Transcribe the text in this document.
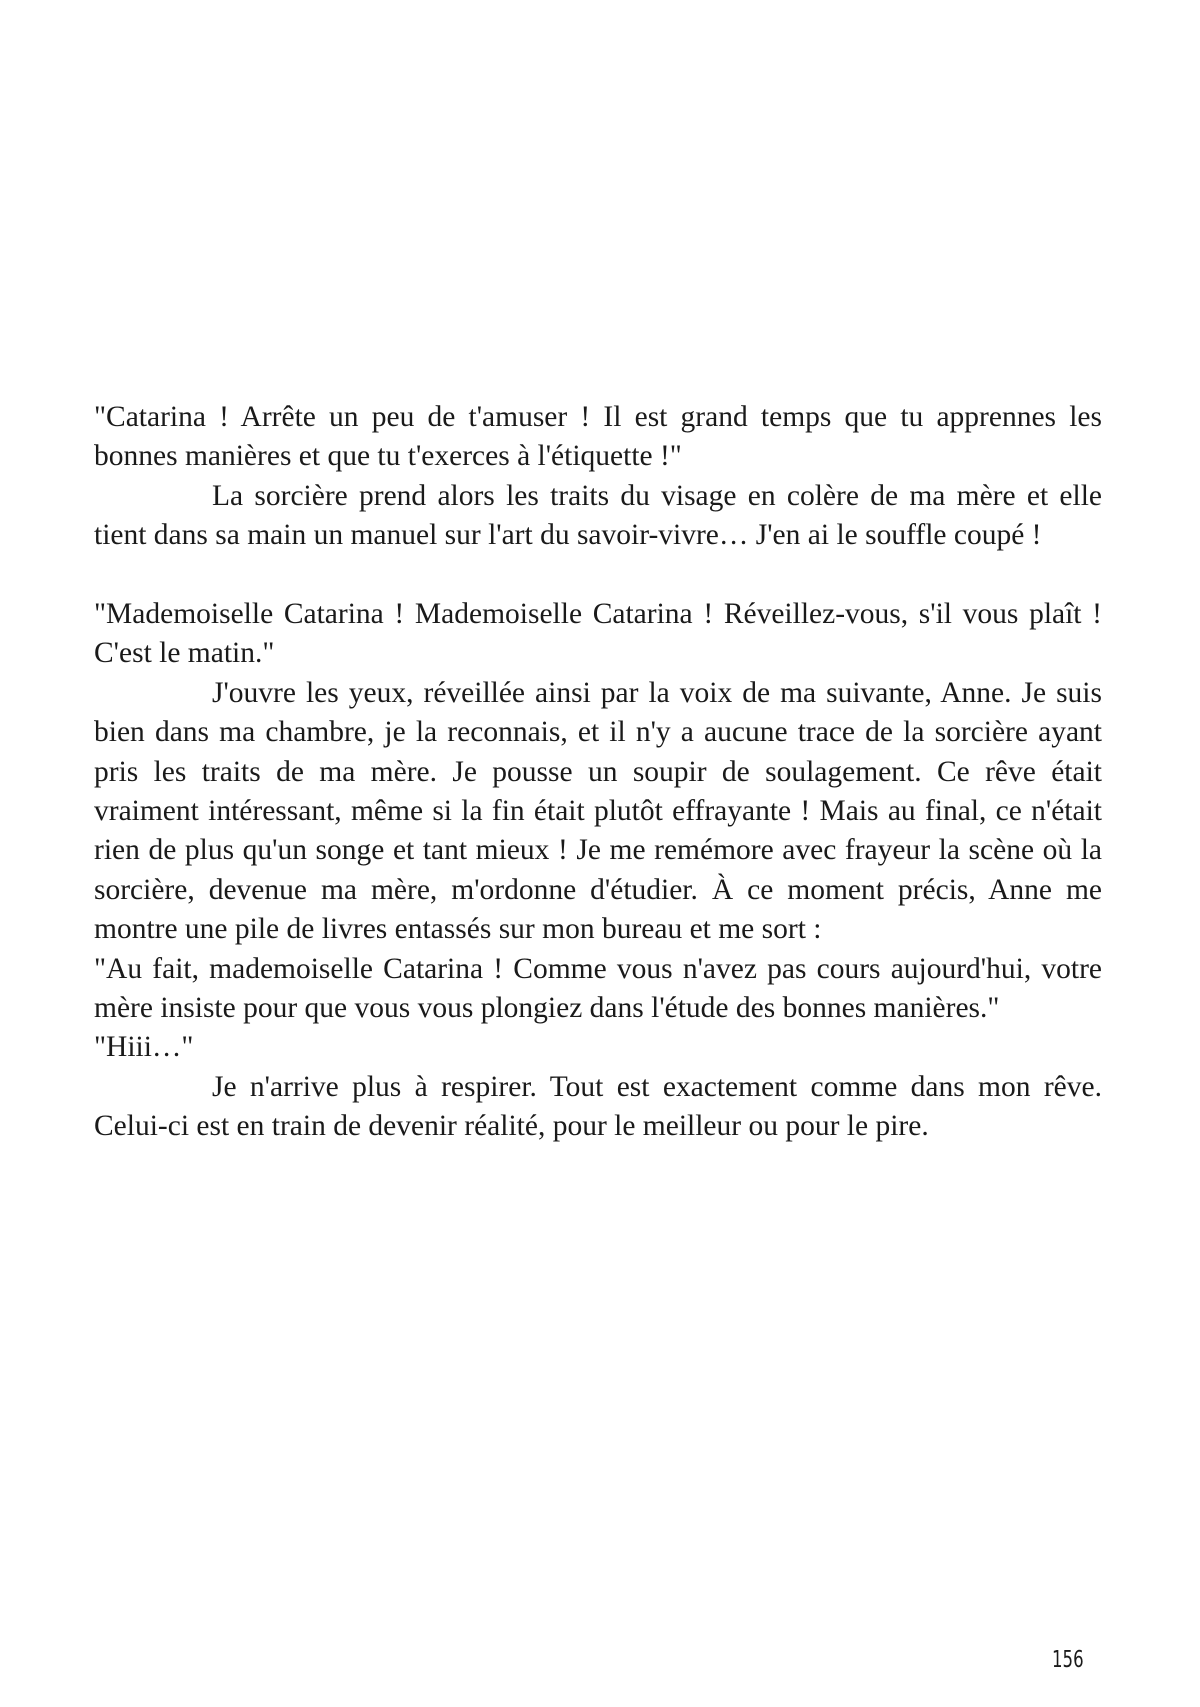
"Catarina ! Arrête un peu de t'amuser ! Il est grand temps que tu apprennes les bonnes manières et que tu t'exerces à l'étiquette !"

La sorcière prend alors les traits du visage en colère de ma mère et elle tient dans sa main un manuel sur l'art du savoir-vivre… J'en ai le souffle coupé !

"Mademoiselle Catarina ! Mademoiselle Catarina ! Réveillez-vous, s'il vous plaît ! C'est le matin."

J'ouvre les yeux, réveillée ainsi par la voix de ma suivante, Anne. Je suis bien dans ma chambre, je la reconnais, et il n'y a aucune trace de la sorcière ayant pris les traits de ma mère. Je pousse un soupir de soulagement. Ce rêve était vraiment intéressant, même si la fin était plutôt effrayante ! Mais au final, ce n'était rien de plus qu'un songe et tant mieux ! Je me remémore avec frayeur la scène où la sorcière, devenue ma mère, m'ordonne d'étudier. À ce moment précis, Anne me montre une pile de livres entassés sur mon bureau et me sort :

"Au fait, mademoiselle Catarina ! Comme vous n'avez pas cours aujourd'hui, votre mère insiste pour que vous vous plongiez dans l'étude des bonnes manières."

"Hiii…"

Je n'arrive plus à respirer. Tout est exactement comme dans mon rêve. Celui-ci est en train de devenir réalité, pour le meilleur ou pour le pire.

156
